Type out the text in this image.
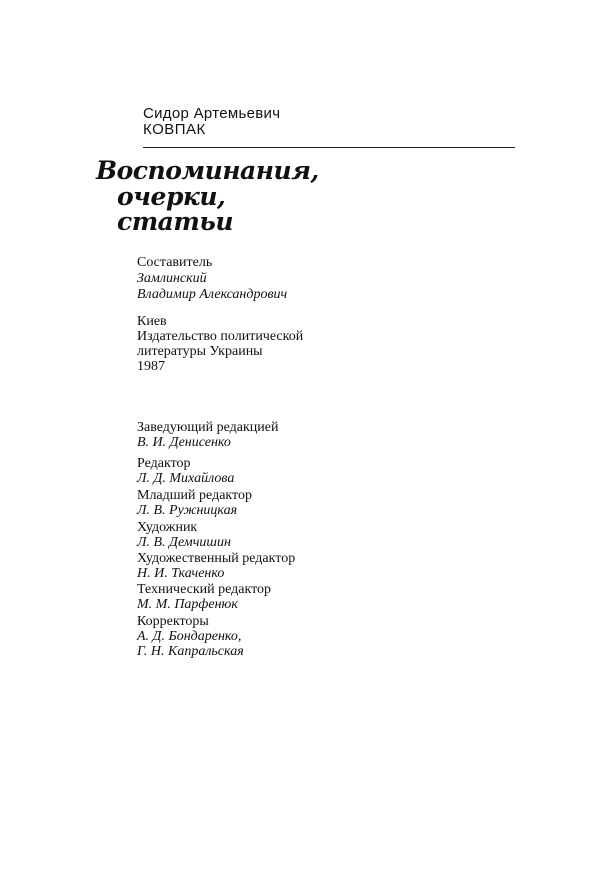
Сидор Артемьевич
КОВПАК
Воспоминания,
очерки,
статьи
Составитель
Замлинский
Владимир Александрович
Киев
Издательство политической
литературы Украины
1987
Заведующий редакцией
В. И. Денисенко
Редактор
Л. Д. Михайлова
Младший редактор
Л. В. Ружницкая
Художник
Л. В. Демчишин
Художественный редактор
Н. И. Ткаченко
Технический редактор
М. М. Парфенюк
Корректоры
А. Д. Бондаренко,
Г. Н. Капральская
